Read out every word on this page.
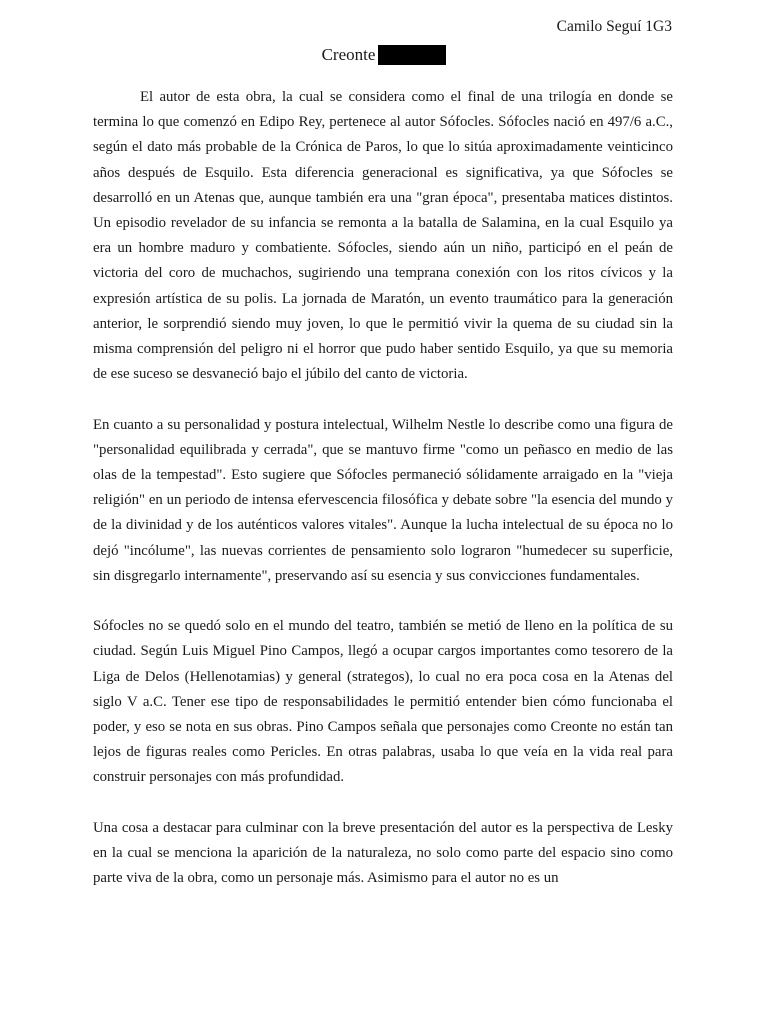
Camilo Seguí 1G3
Creonte

El autor de esta obra, la cual se considera como el final de una trilogía en donde se termina lo que comenzó en Edipo Rey, pertenece al autor Sófocles. Sófocles nació en 497/6 a.C., según el dato más probable de la Crónica de Paros, lo que lo sitúa aproximadamente veinticinco años después de Esquilo. Esta diferencia generacional es significativa, ya que Sófocles se desarrolló en un Atenas que, aunque también era una "gran época", presentaba matices distintos. Un episodio revelador de su infancia se remonta a la batalla de Salamina, en la cual Esquilo ya era un hombre maduro y combatiente. Sófocles, siendo aún un niño, participó en el peán de victoria del coro de muchachos, sugiriendo una temprana conexión con los ritos cívicos y la expresión artística de su polis. La jornada de Maratón, un evento traumático para la generación anterior, le sorprendió siendo muy joven, lo que le permitió vivir la quema de su ciudad sin la misma comprensión del peligro ni el horror que pudo haber sentido Esquilo, ya que su memoria de ese suceso se desvaneció bajo el júbilo del canto de victoria.

En cuanto a su personalidad y postura intelectual, Wilhelm Nestle lo describe como una figura de "personalidad equilibrada y cerrada", que se mantuvo firme "como un peñasco en medio de las olas de la tempestad". Esto sugiere que Sófocles permaneció sólidamente arraigado en la "vieja religión" en un periodo de intensa efervescencia filosófica y debate sobre "la esencia del mundo y de la divinidad y de los auténticos valores vitales". Aunque la lucha intelectual de su época no lo dejó "incólume", las nuevas corrientes de pensamiento solo lograron "humedecer su superficie, sin disgregarlo internamente", preservando así su esencia y sus convicciones fundamentales.

Sófocles no se quedó solo en el mundo del teatro, también se metió de lleno en la política de su ciudad. Según Luis Miguel Pino Campos, llegó a ocupar cargos importantes como tesorero de la Liga de Delos (Hellenotamias) y general (strategos), lo cual no era poca cosa en la Atenas del siglo V a.C. Tener ese tipo de responsabilidades le permitió entender bien cómo funcionaba el poder, y eso se nota en sus obras. Pino Campos señala que personajes como Creonte no están tan lejos de figuras reales como Pericles. En otras palabras, usaba lo que veía en la vida real para construir personajes con más profundidad.

Una cosa a destacar para culminar con la breve presentación del autor es la perspectiva de Lesky en la cual se menciona la aparición de la naturaleza, no solo como parte del espacio sino como parte viva de la obra, como un personaje más. Asimismo para el autor no es un
